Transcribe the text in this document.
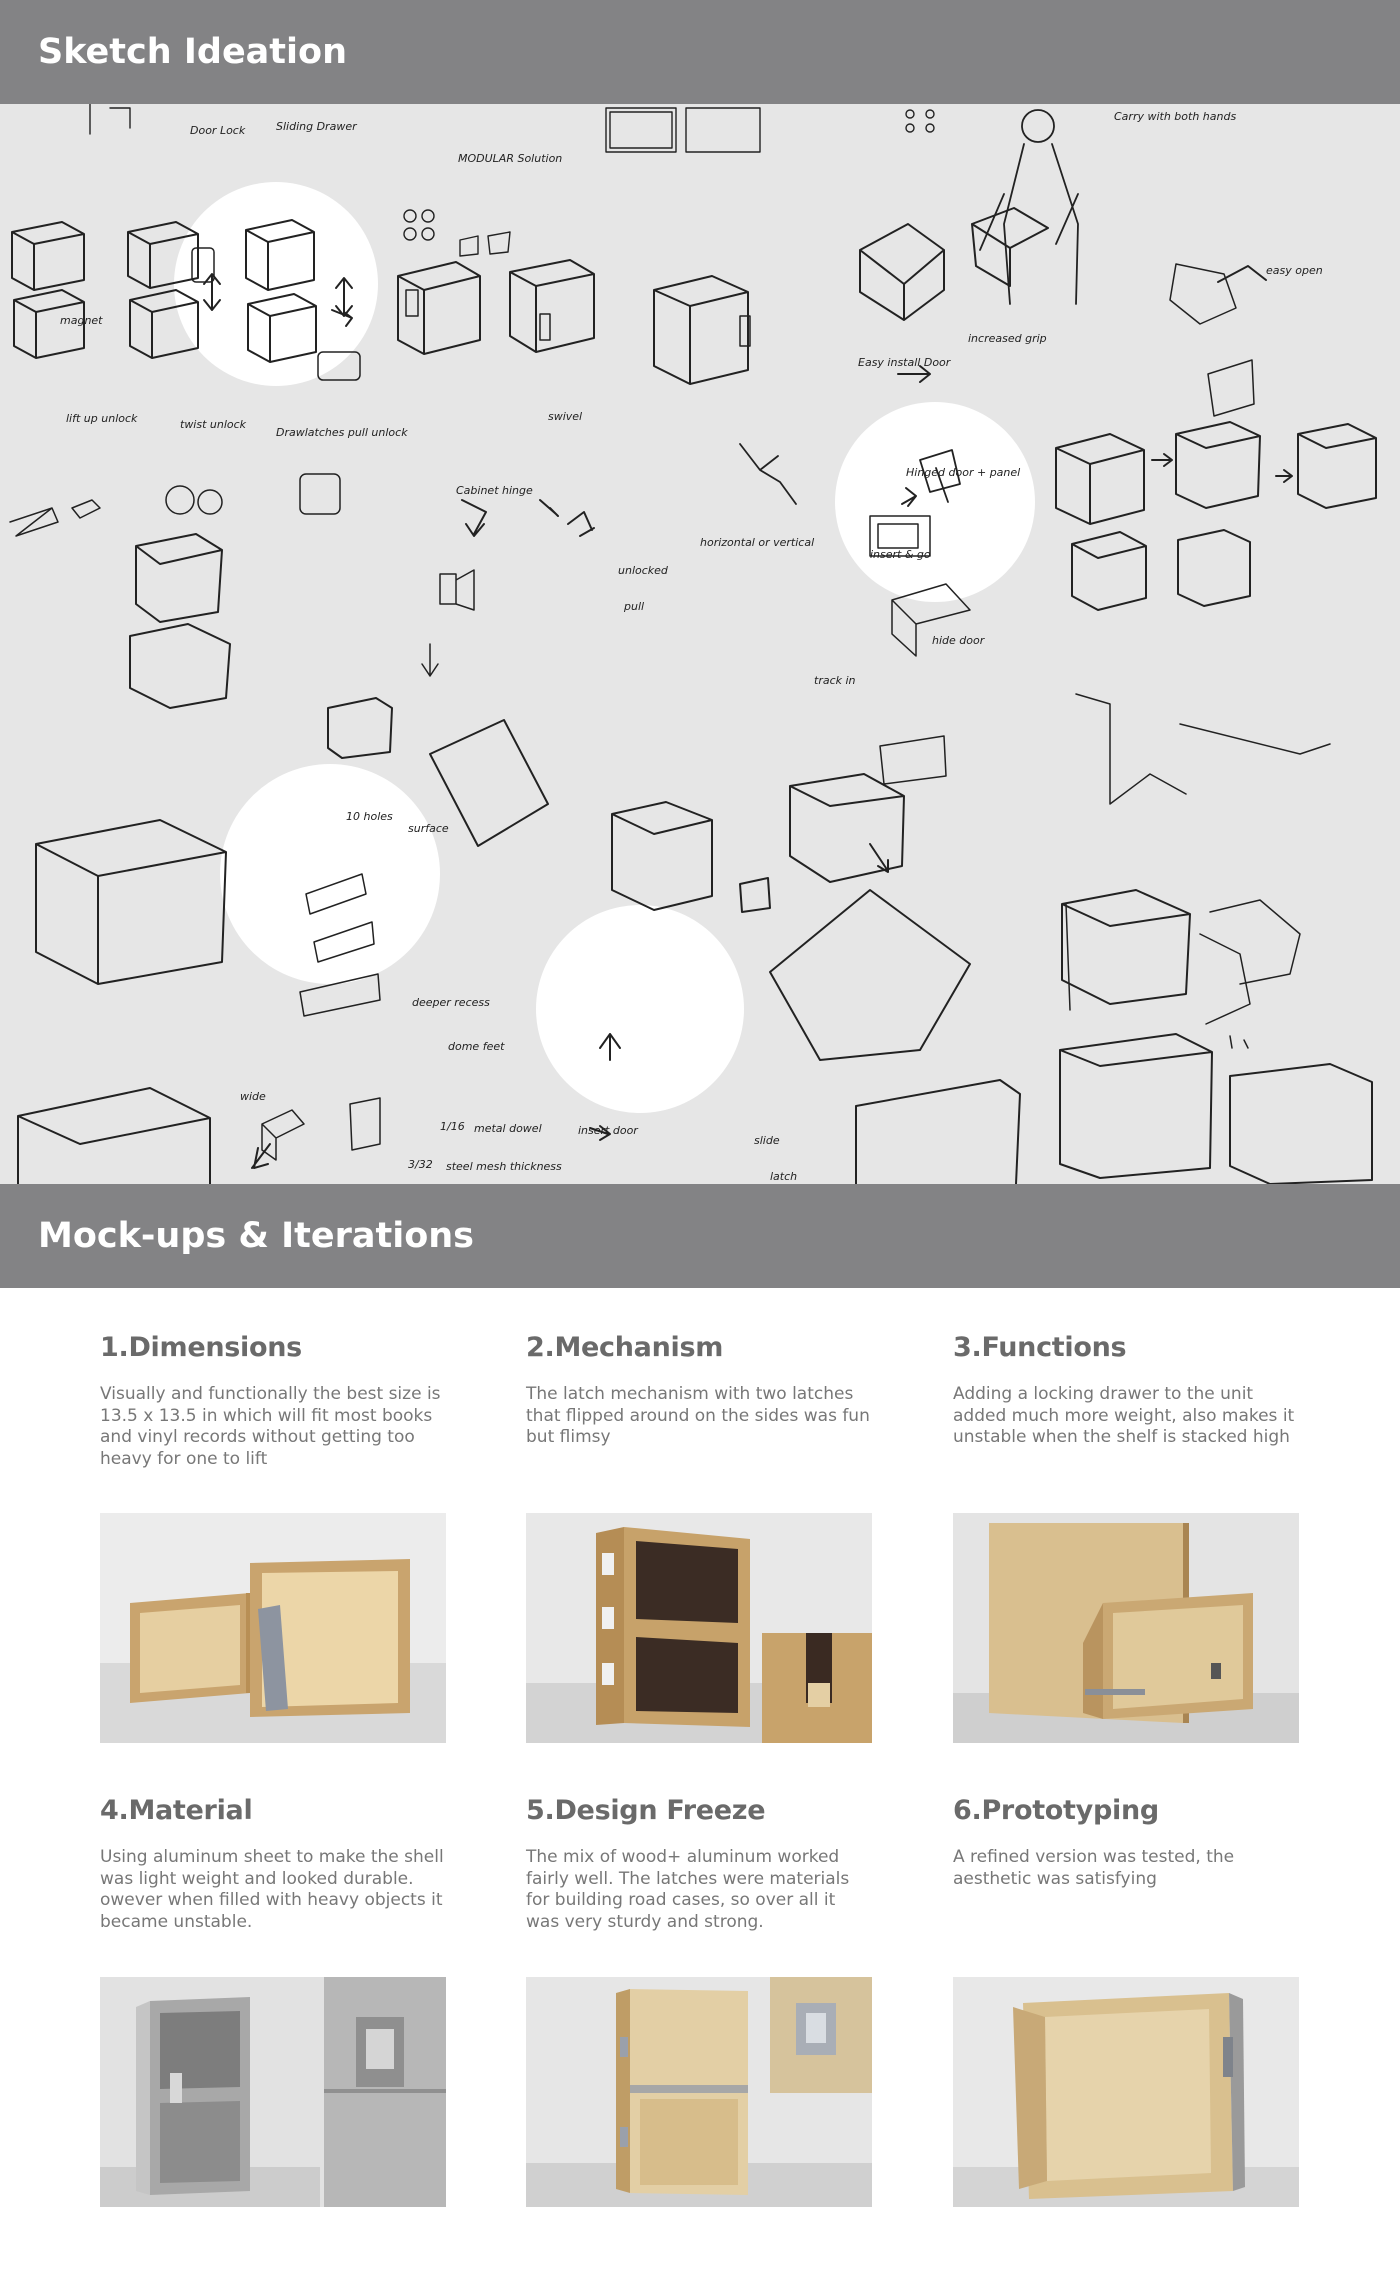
Sketch Ideation
Door Lock	Sliding Drawer
MODULAR Solution
Carry with both hands
Easy install Door
Hinged door + panel
insert & go
magnet
lift up unlock	twist unlock
Drawlatches pull unlock
swivel
Cabinet hinge
unlocked
pull
horizontal or vertical
increased grip
easy open
10 holes
surface
track in
deeper recess
dome feet
wide
1/16 metal dowel
3/32 steel mesh thickness
insert door
slide
latch
hide door
Mock-ups & Iterations
1.Dimensions

Visually and functionally the best size is 13.5 x 13.5 in which will fit most books and vinyl records without getting too heavy for one to lift

2.Mechanism

The latch mechanism with two latches that flipped around on the sides was fun but flimsy

3.Functions

Adding a locking drawer to the unit added much more weight, also makes it unstable when the shelf is stacked high

4.Material

Using aluminum sheet to make the shell was light weight and looked durable. owever when filled with heavy objects it became unstable.

5.Design Freeze

The mix of wood+ aluminum worked fairly well. The latches were materials for building road cases, so over all it was very sturdy and strong.

6.Prototyping

A refined version was tested, the aesthetic was satisfying
